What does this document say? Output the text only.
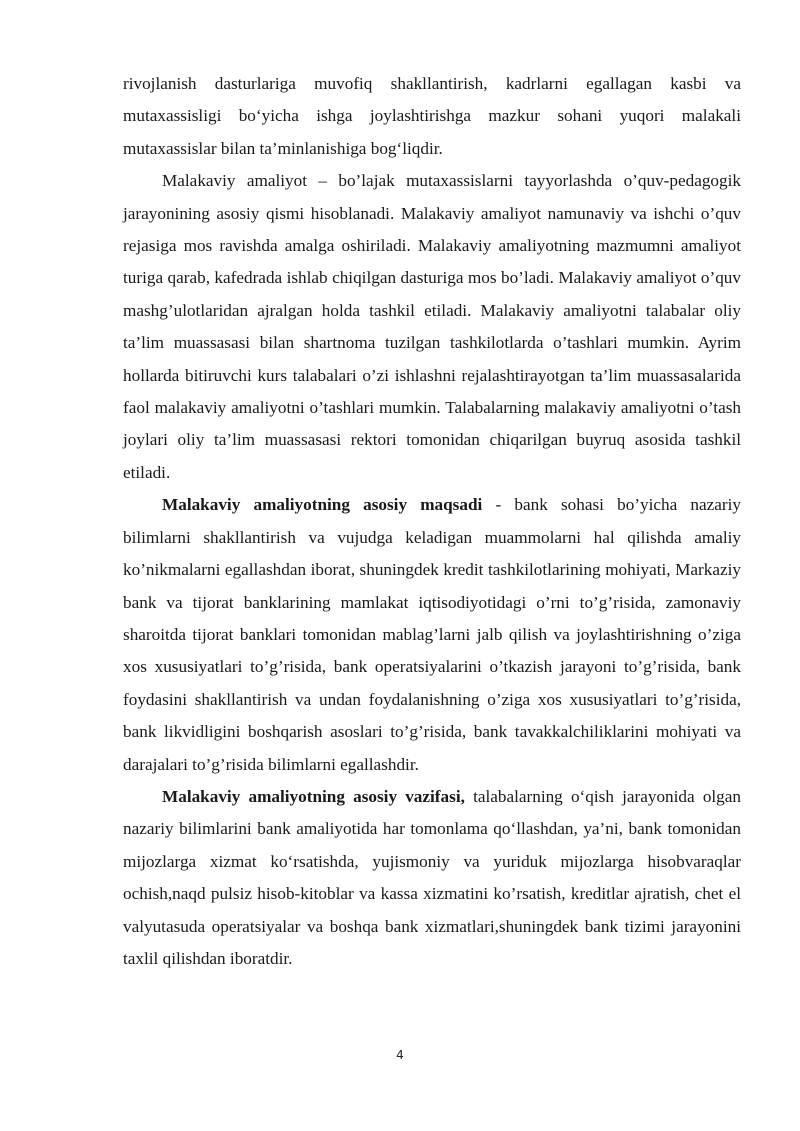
rivojlanish dasturlariga muvofiq shakllantirish, kadrlarni egallagan kasbi va mutaxassisligi bo‘yicha ishga joylashtirishga mazkur sohani yuqori malakali mutaxassislar bilan ta’minlanishiga bog‘liqdir.

Malakaviy amaliyot – bo’lajak mutaxassislarni tayyorlashda o’quv-pedagogik jarayonining asosiy qismi hisoblanadi. Malakaviy amaliyot namunaviy va ishchi o’quv rejasiga mos ravishda amalga oshiriladi. Malakaviy amaliyotning mazmumni amaliyot turiga qarab, kafedrada ishlab chiqilgan dasturiga mos bo’ladi. Malakaviy amaliyot o’quv mashg’ulotlaridan ajralgan holda tashkil etiladi. Malakaviy amaliyotni talabalar oliy ta’lim muassasasi bilan shartnoma tuzilgan tashkilotlarda o’tashlari mumkin. Ayrim hollarda bitiruvchi kurs talabalari o’zi ishlashni rejalashtirayotgan ta’lim muassasalarida faol malakaviy amaliyotni o’tashlari mumkin. Talabalarning malakaviy amaliyotni o’tash joylari oliy ta’lim muassasasi rektori tomonidan chiqarilgan buyruq asosida tashkil etiladi.

Malakaviy amaliyotning asosiy maqsadi - bank sohasi bo’yicha nazariy bilimlarni shakllantirish va vujudga keladigan muammolarni hal qilishda amaliy ko’nikmalarni egallashdan iborat, shuningdek kredit tashkilotlarining mohiyati, Markaziy bank va tijorat banklarining mamlakat iqtisodiyotidagi o’rni to’g’risida, zamonaviy sharoitda tijorat banklari tomonidan mablag’larni jalb qilish va joylashtirishning o’ziga xos xususiyatlari to’g’risida, bank operatsiyalarini o’tkazish jarayoni to’g’risida, bank foydasini shakllantirish va undan foydalanishning o’ziga xos xususiyatlari to’g’risida, bank likvidligini boshqarish asoslari to’g’risida, bank tavakkalchiliklarini mohiyati va darajalari to’g’risida bilimlarni egallashdir.

Malakaviy amaliyotning asosiy vazifasi, talabalarning o‘qish jarayonida olgan nazariy bilimlarini bank amaliyotida har tomonlama qo‘llashdan, ya’ni, bank tomonidan mijozlarga xizmat ko‘rsatishda, yujismoniy va yuriduk mijozlarga hisobvaraqlar ochish,naqd pulsiz hisob-kitoblar va kassa xizmatini ko’rsatish, kreditlar ajratish, chet el valyutasuda operatsiyalar va boshqa bank xizmatlari,shuningdek bank tizimi jarayonini taxlil qilishdan iboratdir.

4
